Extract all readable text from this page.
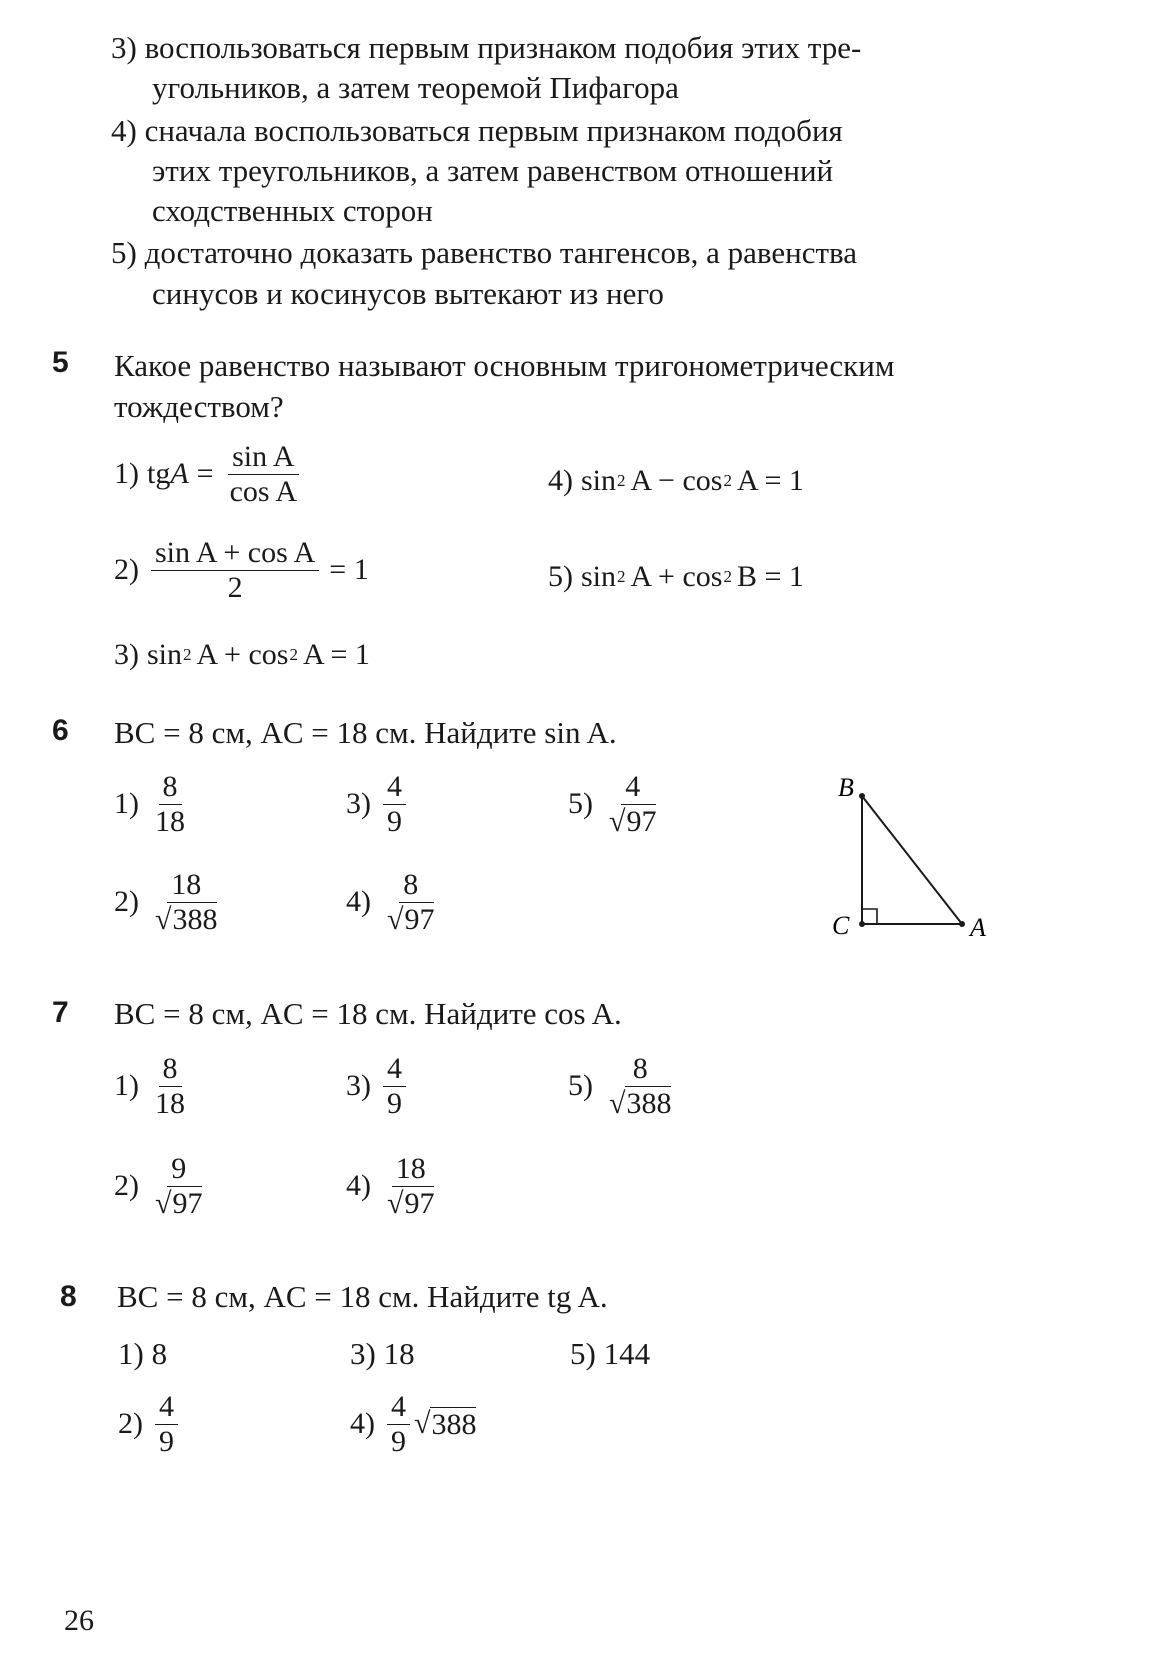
3) воспользоваться первым признаком подобия этих тре-
угольников, а затем теоремой Пифагора
4) сначала воспользоваться первым признаком подобия
этих треугольников, а затем равенством отношений
сходственных сторон
5) достаточно доказать равенство тангенсов, а равенства
синусов и косинусов вытекают из него
5 Какое равенство называют основным тригонометрическим
тождеством?
1) tg $A = \frac{\text{sin A}}{\text{cos A}}$
$2) \frac{\text{sin A + cos A}}{2} = 1$
3) sin 2 A + cos 2 A = 1
4) sin 2 A − cos 2 A = 1
5) sin 2 A + cos 2 B = 1
6 BC = 8 см, AC = 18 см. Найдите sin A.
$1) \frac{8}{18}$
$2) \frac{18}{√388}$
$3) \frac{4}{9}$
$4) \frac{8}{√97}$
$5) \frac{4}{√97}$	B
C	A
7 BC = 8 см, AC = 18 см. Найдите cos A.
$1) \frac{8}{18}$
$2) \frac{9}{√97}$
$3) \frac{4}{9}$
$4) \frac{18}{√97}$
$5) \frac{8}{√388}$
8 BC = 8 см, AC = 18 см. Найдите tg A.
1) 8	3) 18	5) 144
$2) \frac{4}{9}$	$4) \frac{4}{9}$ √ 388
26
